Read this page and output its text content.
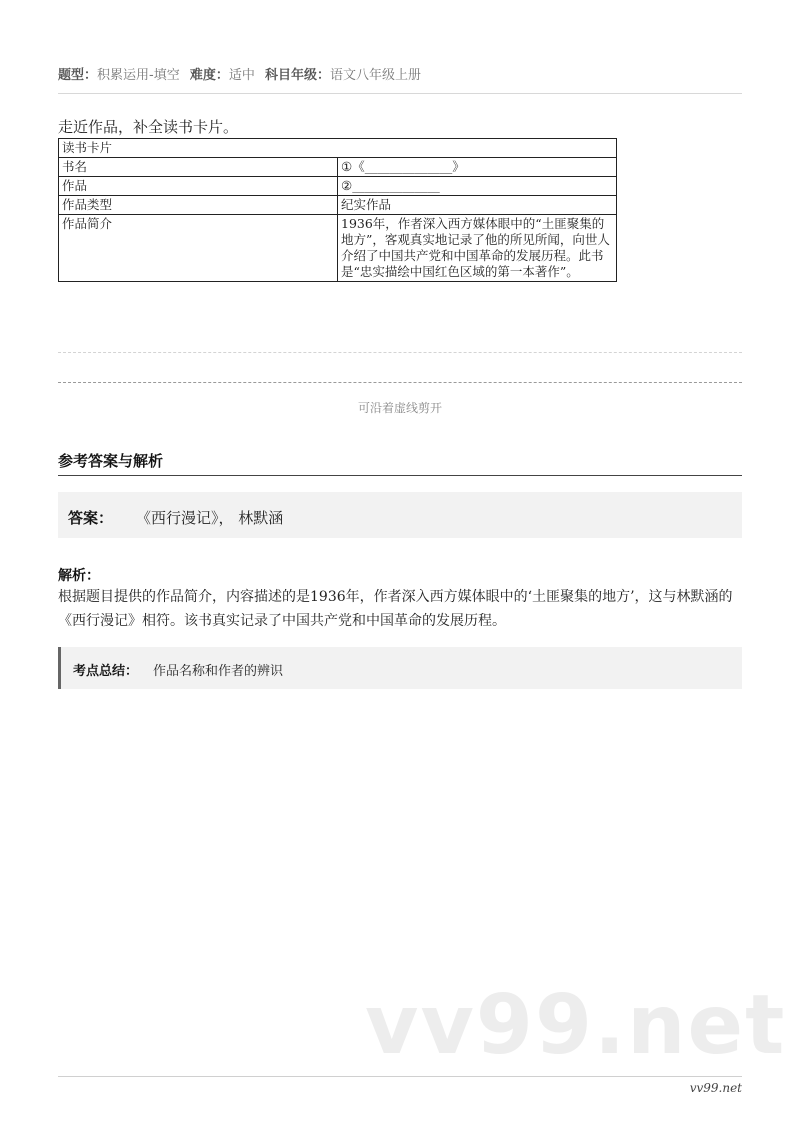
题型：积累运用-填空 难度：适中 科目年级：语文八年级上册
走近作品，补全读书卡片。
读书卡片	
书名	①《______________》
作品	②______________
作品类型	纪实作品
作品简介	1936年，作者深入西方媒体眼中的“土匪聚集的地方”，客观真实地记录了他的所见所闻，向世人介绍了中国共产党和中国革命的发展历程。此书是“忠实描绘中国红色区域的第一本著作”。
可沿着虚线剪开
参考答案与解析
答案： 《西行漫记》， 林默涵
解析：
根据题目提供的作品简介，内容描述的是1936年，作者深入西方媒体眼中的‘土匪聚集的地方’，这与林默涵的《西行漫记》相符。该书真实记录了中国共产党和中国革命的发展历程。
考点总结： 作品名称和作者的辨识
vv99.net
vv99.net
